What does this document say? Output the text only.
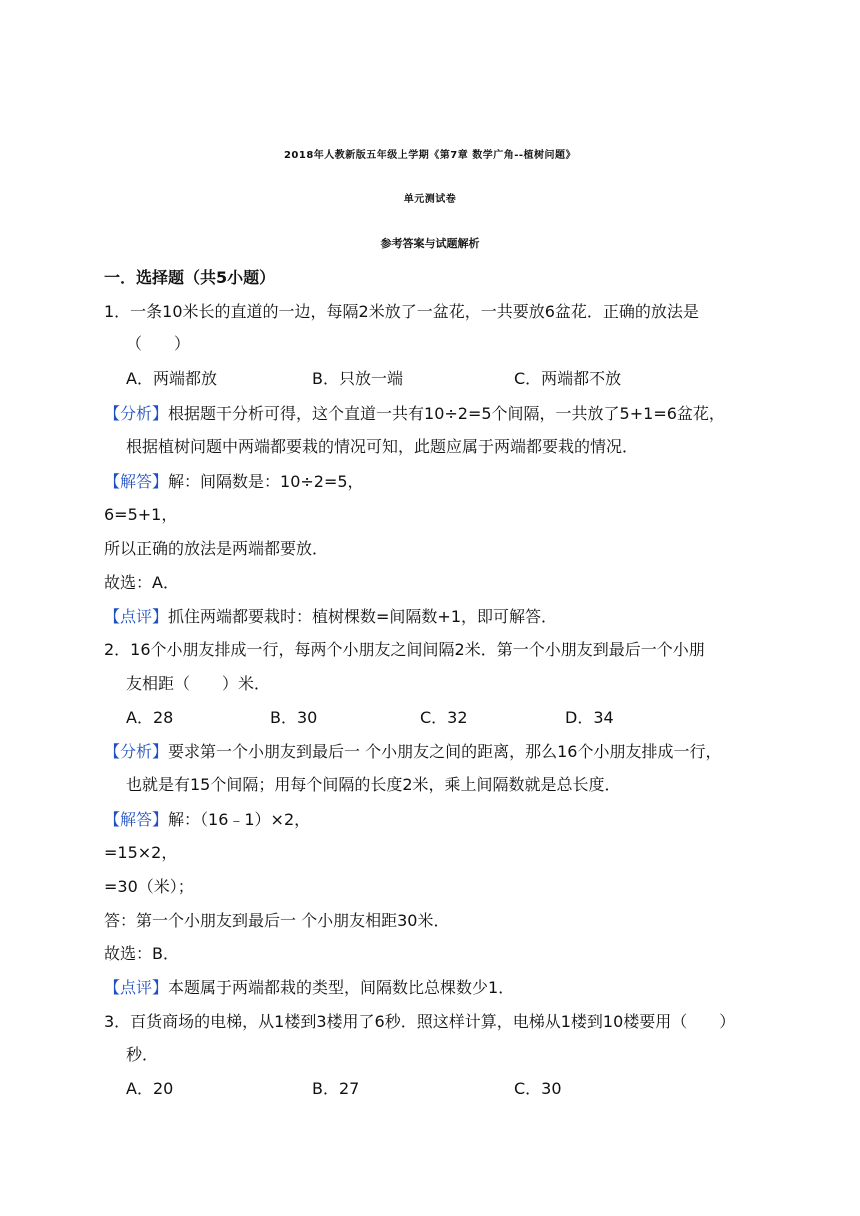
2018年人教新版五年级上学期《第7章 数学广角--植树问题》
单元测试卷
参考答案与试题解析
一．选择题（共5小题）
1．一条10米长的直道的一边，每隔2米放了一盆花，一共要放6盆花．正确的放法是
（　　）
A．两端都放	B．只放一端	C．两端都不放
【分析】根据题干分析可得，这个直道一共有10÷2=5个间隔，一共放了5+1=6盆花，
根据植树问题中两端都要栽的情况可知，此题应属于两端都要栽的情况．
【解答】解：间隔数是：10÷2=5，
6=5+1，
所以正确的放法是两端都要放．
故选：A．
【点评】抓住两端都要栽时：植树棵数=间隔数+1，即可解答．
2．16个小朋友排成一行，每两个小朋友之间间隔2米．第一个小朋友到最后一个小朋
友相距（　　）米．
A．28	B．30	C．32	D．34
【分析】要求第一个小朋友到最后一 个小朋友之间的距离，那么16个小朋友排成一行，
也就是有15个间隔；用每个间隔的长度2米，乘上间隔数就是总长度．
【解答】解：（16﹣1）×2，
=15×2，
=30（米）；
答：第一个小朋友到最后一 个小朋友相距30米．
故选：B．
【点评】本题属于两端都栽的类型，间隔数比总棵数少1．
3．百货商场的电梯，从1楼到3楼用了6秒．照这样计算，电梯从1楼到10楼要用（　　）
秒．
A．20	B．27	C．30
